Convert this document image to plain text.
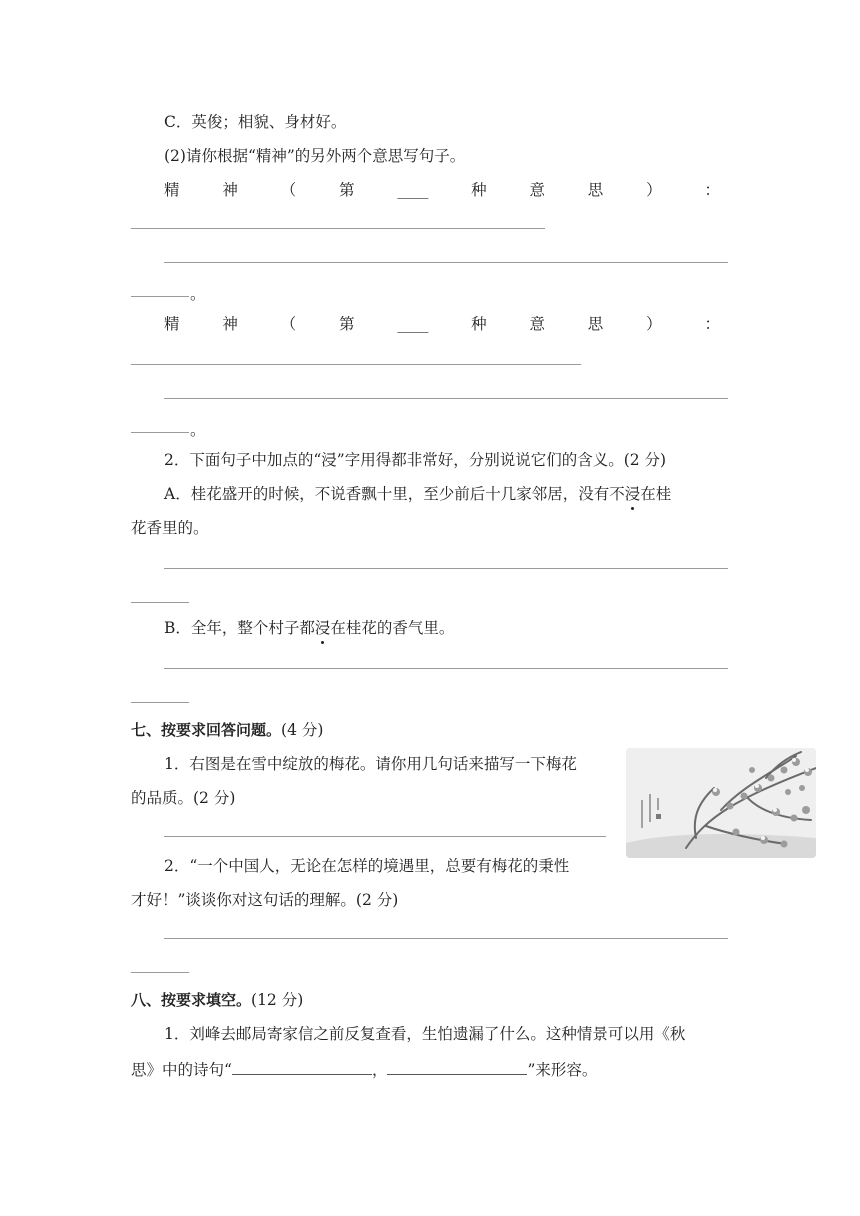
C．英俊；相貌、身材好。
(2)请你根据“精神”的另外两个意思写句子。
精	神	（	第	____	种	意	思	）	：
。
精	神	（	第	____	种	意	思	）	：
。
2．下面句子中加点的“浸”字用得都非常好，分别说说它们的含义。(2 分)
A．桂花盛开的时候，不说香飘十里，至少前后十几家邻居，没有不浸在桂
花香里的。
B．全年，整个村子都浸在桂花的香气里。
七、按要求回答问题。(4 分)
1．右图是在雪中绽放的梅花。请你用几句话来描写一下梅花
的品质。(2 分)
2．“一个中国人，无论在怎样的境遇里，总要有梅花的秉性
才好！”谈谈你对这句话的理解。(2 分)
八、按要求填空。(12 分)
1．刘峰去邮局寄家信之前反复查看，生怕遗漏了什么。这种情景可以用《秋
思》中的诗句“	，	”来形容。
